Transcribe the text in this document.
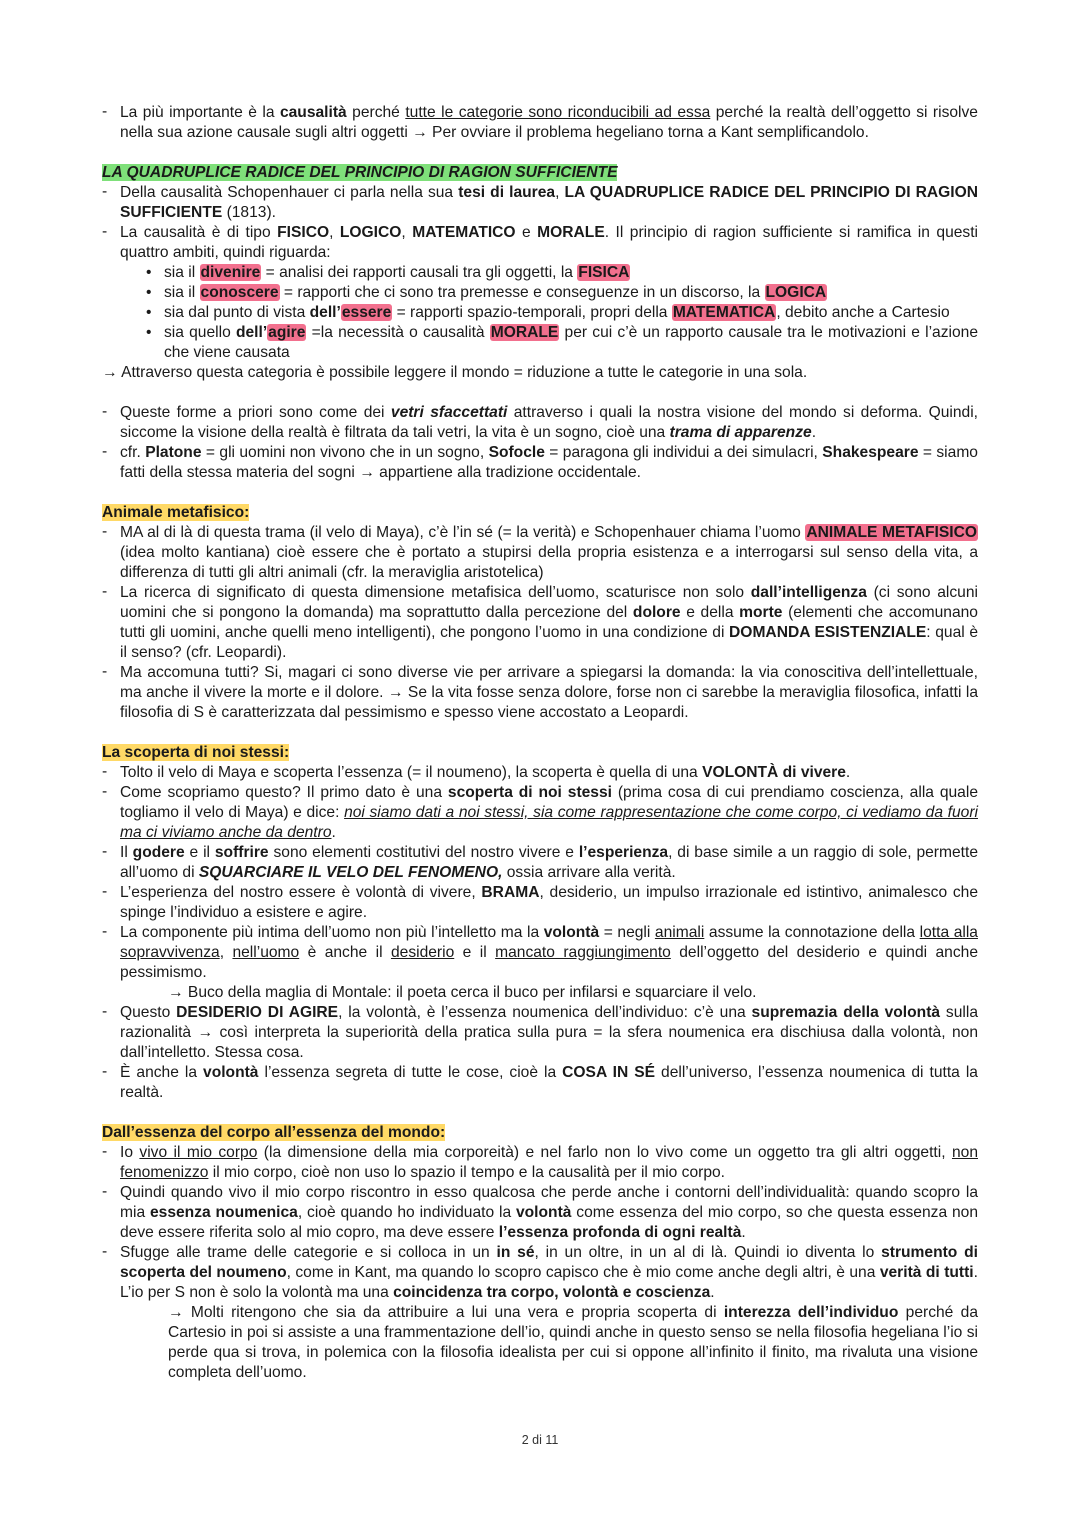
- La più importante è la causalità perché tutte le categorie sono riconducibili ad essa perché la realtà dell’oggetto si risolve nella sua azione causale sugli altri oggetti → Per ovviare il problema hegeliano torna a Kant semplificandolo.

LA QUADRUPLICE RADICE DEL PRINCIPIO DI RAGION SUFFICIENTE

- Della causalità Schopenhauer ci parla nella sua tesi di laurea, LA QUADRUPLICE RADICE DEL PRINCIPIO DI RAGION SUFFICIENTE (1813).

- La causalità è di tipo FISICO, LOGICO, MATEMATICO e MORALE. Il principio di ragion sufficiente si ramifica in questi quattro ambiti, quindi riguarda:

• sia il divenire = analisi dei rapporti causali tra gli oggetti, la FISICA

• sia il conoscere = rapporti che ci sono tra premesse e conseguenze in un discorso, la LOGICA

• sia dal punto di vista dell’essere = rapporti spazio-temporali, propri della MATEMATICA, debito anche a Cartesio

• sia quello dell’agire =la necessità o causalità MORALE per cui c’è un rapporto causale tra le motivazioni e l’azione che viene causata

→ Attraverso questa categoria è possibile leggere il mondo = riduzione a tutte le categorie in una sola.

- Queste forme a priori sono come dei vetri sfaccettati attraverso i quali la nostra visione del mondo si deforma. Quindi, siccome la visione della realtà è filtrata da tali vetri, la vita è un sogno, cioè una trama di apparenze.

- cfr. Platone = gli uomini non vivono che in un sogno, Sofocle = paragona gli individui a dei simulacri, Shakespeare = siamo fatti della stessa materia del sogni → appartiene alla tradizione occidentale.

Animale metafisico:

- MA al di là di questa trama (il velo di Maya), c’è l’in sé (= la verità) e Schopenhauer chiama l’uomo ANIMALE METAFISICO (idea molto kantiana) cioè essere che è portato a stupirsi della propria esistenza e a interrogarsi sul senso della vita, a differenza di tutti gli altri animali (cfr. la meraviglia aristotelica)

- La ricerca di significato di questa dimensione metafisica dell’uomo, scaturisce non solo dall’intelligenza (ci sono alcuni uomini che si pongono la domanda) ma soprattutto dalla percezione del dolore e della morte (elementi che accomunano tutti gli uomini, anche quelli meno intelligenti), che pongono l’uomo in una condizione di DOMANDA ESISTENZIALE: qual è il senso? (cfr. Leopardi).

- Ma accomuna tutti? Si, magari ci sono diverse vie per arrivare a spiegarsi la domanda: la via conoscitiva dell’intellettuale, ma anche il vivere la morte e il dolore. → Se la vita fosse senza dolore, forse non ci sarebbe la meraviglia filosofica, infatti la filosofia di S è caratterizzata dal pessimismo e spesso viene accostato a Leopardi.

La scoperta di noi stessi:

- Tolto il velo di Maya e scoperta l’essenza (= il noumeno), la scoperta è quella di una VOLONTÀ di vivere.

- Come scopriamo questo? Il primo dato è una scoperta di noi stessi (prima cosa di cui prendiamo coscienza, alla quale togliamo il velo di Maya) e dice: noi siamo dati a noi stessi, sia come rappresentazione che come corpo, ci vediamo da fuori ma ci viviamo anche da dentro.

- Il godere e il soffrire sono elementi costitutivi del nostro vivere e l’esperienza, di base simile a un raggio di sole, permette all’uomo di SQUARCIARE IL VELO DEL FENOMENO, ossia arrivare alla verità.

- L’esperienza del nostro essere è volontà di vivere, BRAMA, desiderio, un impulso irrazionale ed istintivo, animalesco che spinge l’individuo a esistere e agire.

- La componente più intima dell’uomo non più l’intelletto ma la volontà = negli animali assume la connotazione della lotta alla sopravvivenza, nell’uomo è anche il desiderio e il mancato raggiungimento dell’oggetto del desiderio e quindi anche pessimismo.

→ Buco della maglia di Montale: il poeta cerca il buco per infilarsi e squarciare il velo.

- Questo DESIDERIO DI AGIRE, la volontà, è l’essenza noumenica dell’individuo: c’è una supremazia della volontà sulla razionalità → così interpreta la superiorità della pratica sulla pura = la sfera noumenica era dischiusa dalla volontà, non dall’intelletto. Stessa cosa.

- È anche la volontà l’essenza segreta di tutte le cose, cioè la COSA IN SÉ dell’universo, l’essenza noumenica di tutta la realtà.

Dall’essenza del corpo all’essenza del mondo:

- Io vivo il mio corpo (la dimensione della mia corporeità) e nel farlo non lo vivo come un oggetto tra gli altri oggetti, non fenomenizzo il mio corpo, cioè non uso lo spazio il tempo e la causalità per il mio corpo.

- Quindi quando vivo il mio corpo riscontro in esso qualcosa che perde anche i contorni dell’individualità: quando scopro la mia essenza noumenica, cioè quando ho individuato la volontà come essenza del mio corpo, so che questa essenza non deve essere riferita solo al mio copro, ma deve essere l’essenza profonda di ogni realtà.

- Sfugge alle trame delle categorie e si colloca in un in sé, in un oltre, in un al di là. Quindi io diventa lo strumento di scoperta del noumeno, come in Kant, ma quando lo scopro capisco che è mio come anche degli altri, è una verità di tutti. L’io per S non è solo la volontà ma una coincidenza tra corpo, volontà e coscienza.

→ Molti ritengono che sia da attribuire a lui una vera e propria scoperta di interezza dell’individuo perché da Cartesio in poi si assiste a una frammentazione dell’io, quindi anche in questo senso se nella filosofia hegeliana l’io si perde qua si trova, in polemica con la filosofia idealista per cui si oppone all’infinito il finito, ma rivaluta una visione completa dell’uomo.

2 di 11
